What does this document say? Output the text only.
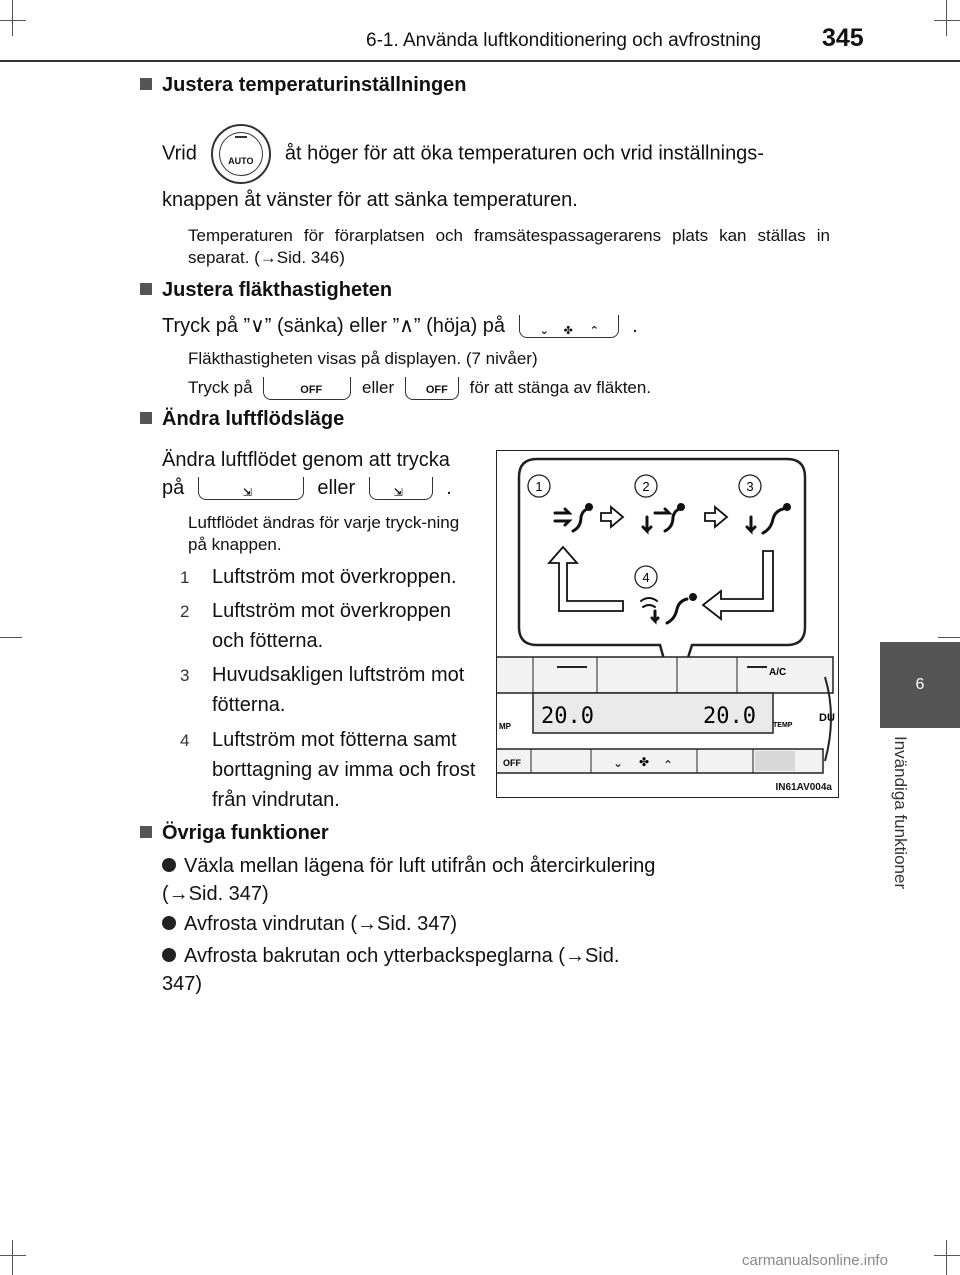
6-1. Använda luftkonditionering och avfrostning 345
6
Invändiga funktioner
Justera temperaturinställningen
Vrid	AUTO	åt höger för att öka temperaturen och vrid inställnings-
knappen åt vänster för att sänka temperaturen.
Temperaturen för förarplatsen och framsätespassagerarens plats kan ställas in separat. (→Sid. 346)
Justera fläkthastigheten
Tryck på ”∨” (sänka) eller ”∧” (höja) på	⌄ ✤ ⌃ .
Fläkthastigheten visas på displayen. (7 nivåer)
Tryck på	OFF eller	OFF för att stänga av fläkten.
Ändra luftflödsläge
Ändra luftflödet genom att trycka
på	⇲	eller	⇲ .
Luftflödet ändras för varje tryck-ning på knappen.
1 Luftström mot överkroppen.
2 Luftström mot överkroppen och fötterna.
3 Huvudsakligen luftström mot fötterna.
4 Luftström mot fötterna samt borttagning av imma och frost från vindrutan.
1	2	3
4
A/C
20.0	20.0
MP	TEMP
DU
OFF	⌄ ✤ ⌃
IN61AV004a
Övriga funktioner
Växla mellan lägena för luft utifrån och återcirkulering (→Sid. 347)
Avfrosta vindrutan (→Sid. 347)
Avfrosta bakrutan och ytterbackspeglarna (→Sid. 347)
carmanualsonline.info
